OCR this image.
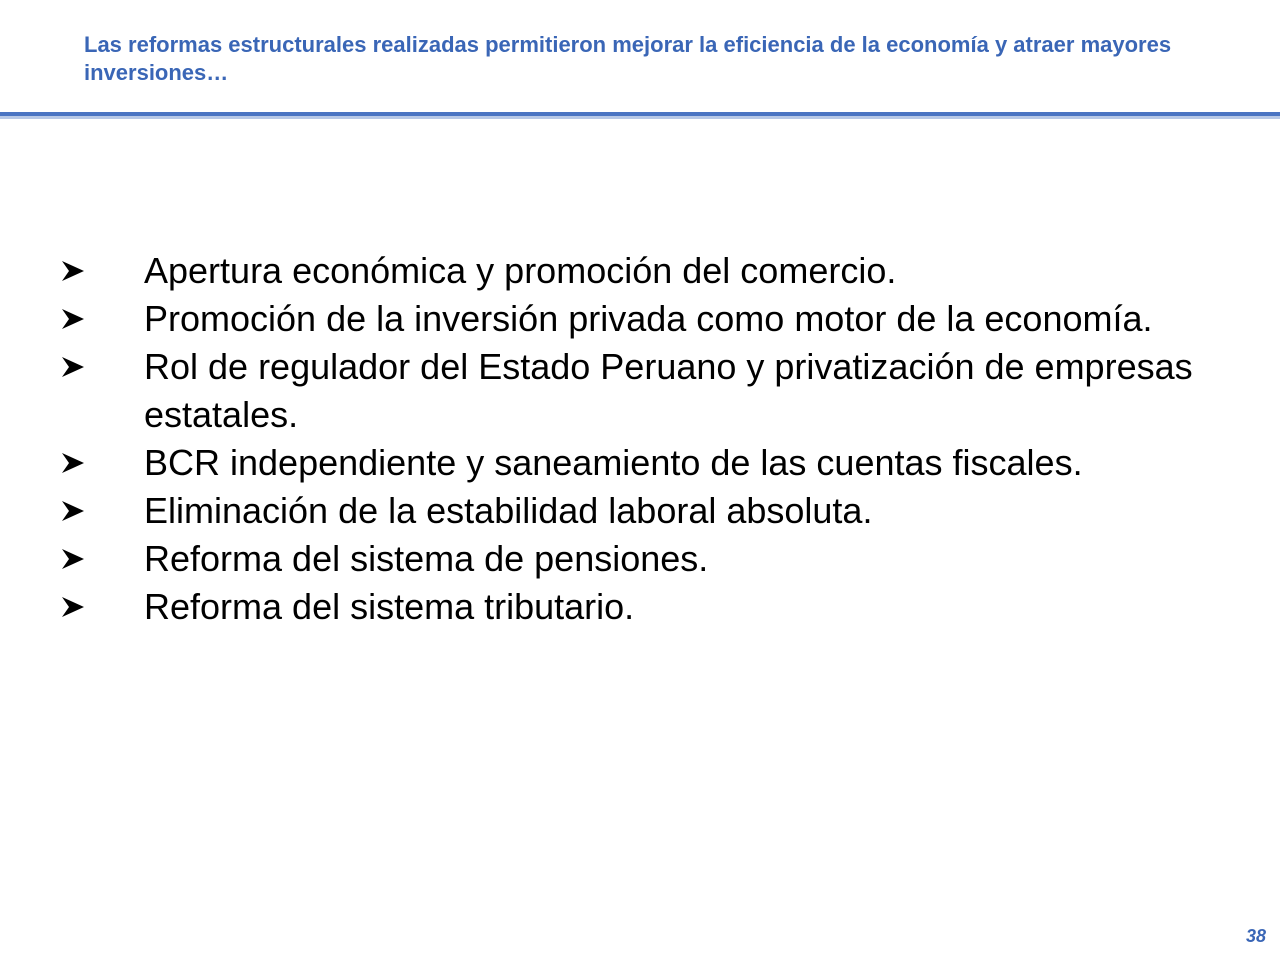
Las reformas estructurales realizadas permitieron mejorar la eficiencia de la economía y atraer mayores inversiones…
Apertura económica y promoción del comercio.
Promoción de la inversión privada como motor de la economía.
Rol de regulador del Estado Peruano y privatización de empresas estatales.
BCR independiente y saneamiento de las cuentas fiscales.
Eliminación de la estabilidad laboral absoluta.
Reforma del sistema de pensiones.
Reforma del sistema tributario.
38
